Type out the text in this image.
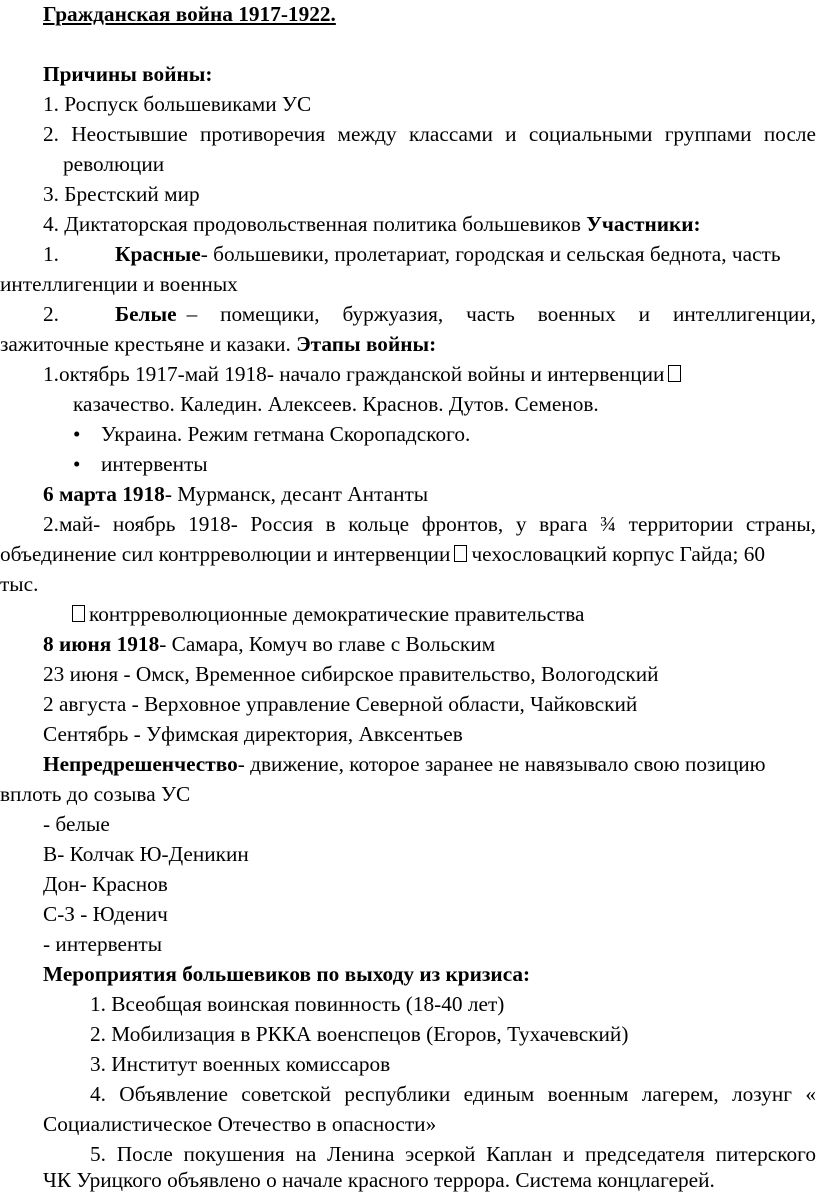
Гражданская война 1917-1922.
Причины войны:
1. Роспуск большевиками УС
2. Неостывшие противоречия между классами и социальными группами после
революции
3. Брестский мир
4. Диктаторская продовольственная политика большевиков Участники:
1.	Красные- большевики, пролетариат, городская и сельская беднота, часть
интеллигенции и военных
2.	Белые – помещики, буржуазия, часть военных и интеллигенции,
зажиточные крестьяне и казаки. Этапы войны:
1.октябрь 1917-май 1918- начало гражданской войны и интервенции
казачество. Каледин. Алексеев. Краснов. Дутов. Семенов.
• Украина. Режим гетмана Скоропадского.
• интервенты
6 марта 1918- Мурманск, десант Антанты
2.май- ноябрь 1918- Россия в кольце фронтов, у врага ¾ территории страны,
объединение сил контрреволюции и интервенции чехословацкий корпус Гайда; 60
тыс.
контрреволюционные демократические правительства
8 июня 1918- Самара, Комуч во главе с Вольским
23 июня - Омск, Временное сибирское правительство, Вологодский
2 августа - Верховное управление Северной области, Чайковский
Сентябрь - Уфимская директория, Авксентьев
Непредрешенчество- движение, которое заранее не навязывало свою позицию
вплоть до созыва УС
- белые
В- Колчак Ю-Деникин
Дон- Краснов
С-З - Юденич
- интервенты
Мероприятия большевиков по выходу из кризиса:
1. Всеобщая воинская повинность (18-40 лет)
2. Мобилизация в РККА военспецов (Егоров, Тухачевский)
3. Институт военных комиссаров
4. Объявление советской республики единым военным лагерем, лозунг «
Социалистическое Отечество в опасности»
5. После покушения на Ленина эсеркой Каплан и председателя питерского
ЧК Урицкого объявлено о начале красного террора. Система концлагерей.
